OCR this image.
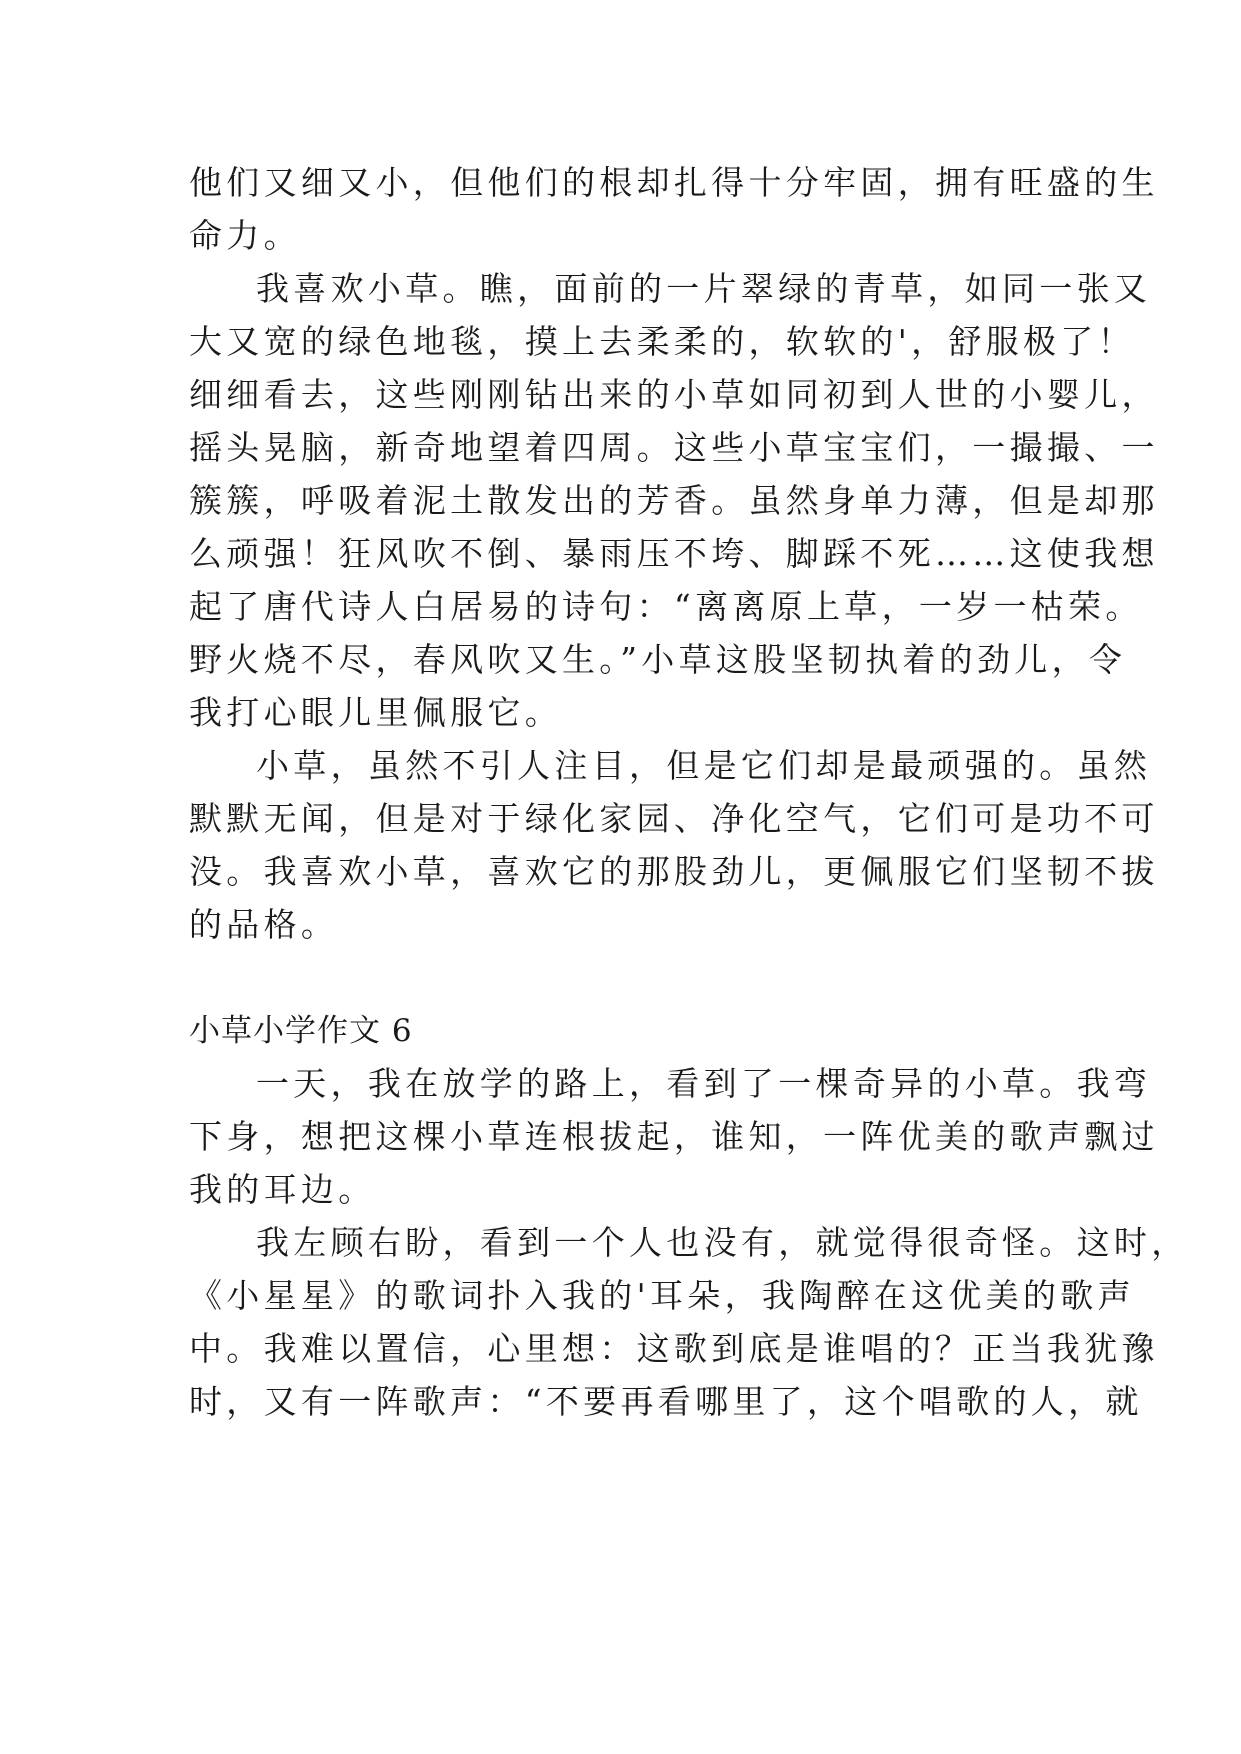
他们又细又小，但他们的根却扎得十分牢固，拥有旺盛的生
命力。
我喜欢小草。瞧，面前的一片翠绿的青草，如同一张又
大又宽的绿色地毯，摸上去柔柔的，软软的'，舒服极了！
细细看去，这些刚刚钻出来的小草如同初到人世的小婴儿，
摇头晃脑，新奇地望着四周。这些小草宝宝们，一撮撮、一
簇簇，呼吸着泥土散发出的芳香。虽然身单力薄，但是却那
么顽强！狂风吹不倒、暴雨压不垮、脚踩不死……这使我想
起了唐代诗人白居易的诗句：“离离原上草，一岁一枯荣。
野火烧不尽，春风吹又生。”小草这股坚韧执着的劲儿，令
我打心眼儿里佩服它。
小草，虽然不引人注目，但是它们却是最顽强的。虽然
默默无闻，但是对于绿化家园、净化空气，它们可是功不可
没。我喜欢小草，喜欢它的那股劲儿，更佩服它们坚韧不拔
的品格。
小草小学作文 6
一天，我在放学的路上，看到了一棵奇异的小草。我弯
下身，想把这棵小草连根拔起，谁知，一阵优美的歌声飘过
我的耳边。
我左顾右盼，看到一个人也没有，就觉得很奇怪。这时，
《小星星》的歌词扑入我的'耳朵，我陶醉在这优美的歌声
中。我难以置信，心里想：这歌到底是谁唱的？正当我犹豫
时，又有一阵歌声：“不要再看哪里了，这个唱歌的人，就
